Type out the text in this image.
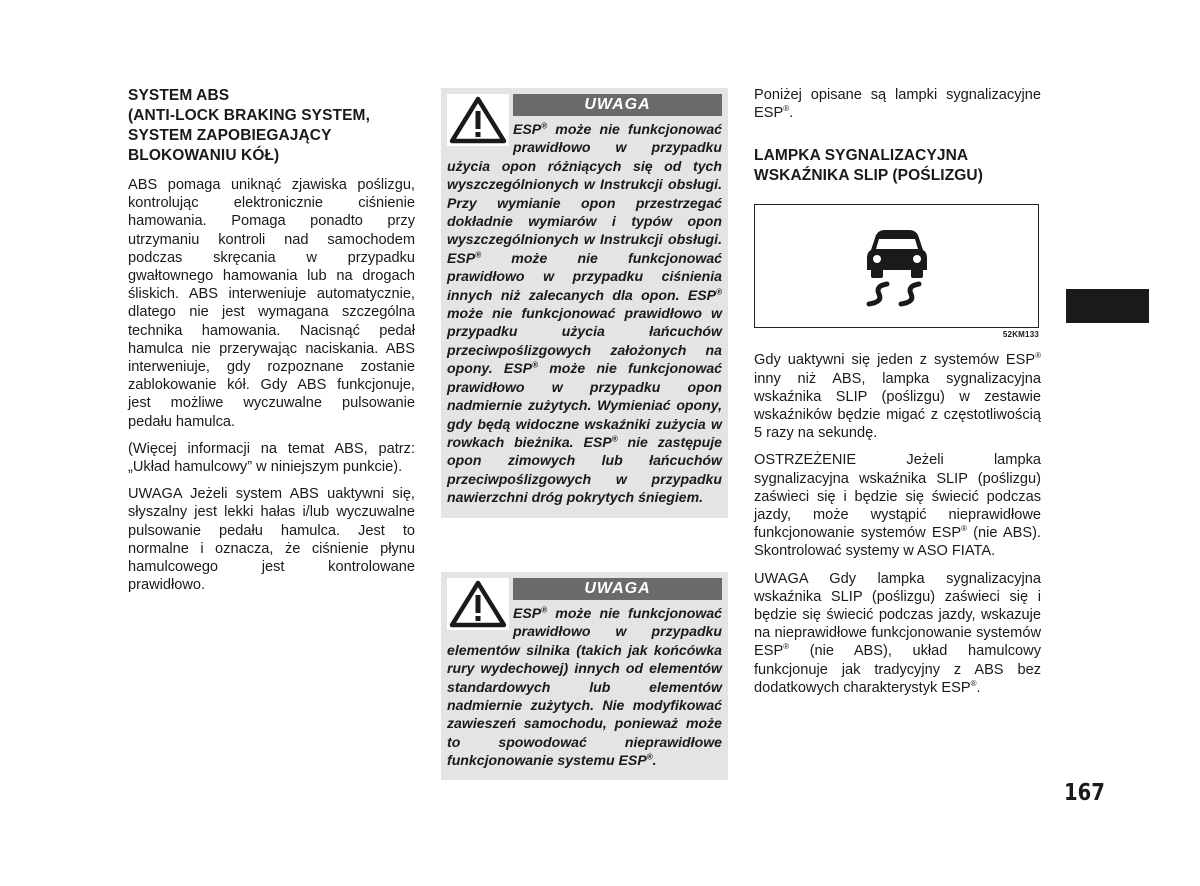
SYSTEM ABS
(ANTI-LOCK BRAKING SYSTEM,
SYSTEM ZAPOBIEGAJĄCY
BLOKOWANIU KÓŁ)

ABS pomaga uniknąć zjawiska poślizgu, kontrolując elektronicznie ciśnienie hamowania. Pomaga ponadto przy utrzymaniu kontroli nad samochodem podczas skręcania w przypadku gwałtownego hamowania lub na drogach śliskich. ABS interweniuje automatycznie, dlatego nie jest wymagana szczególna technika hamowania. Nacisnąć pedał hamulca nie przerywając naciskania. ABS interweniuje, gdy rozpoznane zostanie zablokowanie kół. Gdy ABS funkcjonuje, jest możliwe wyczuwalne pulsowanie pedału hamulca.

(Więcej informacji na temat ABS, patrz: „Układ hamulcowy” w niniejszym punkcie).

UWAGA Jeżeli system ABS uaktywni się, słyszalny jest lekki hałas i/lub wyczuwalne pulsowanie pedału hamulca. Jest to normalne i oznacza, że ciśnienie płynu hamulcowego jest kontrolowane prawidłowo.

UWAGA

ESP® może nie funkcjonować prawidłowo w przypadku użycia opon różniących się od tych wyszczególnionych w Instrukcji obsługi. Przy wymianie opon przestrzegać dokładnie wymiarów i typów opon wyszczególnionych w Instrukcji obsługi. ESP® może nie funkcjonować prawidłowo w przypadku ciśnienia innych niż zalecanych dla opon. ESP® może nie funkcjonować prawidłowo w przypadku użycia łańcuchów przeciwpoślizgowych założonych na opony. ESP® może nie funkcjonować prawidłowo w przypadku opon nadmiernie zużytych. Wymieniać opony, gdy będą widoczne wskaźniki zużycia w rowkach bieżnika. ESP® nie zastępuje opon zimowych lub łańcuchów przeciwpoślizgowych w przypadku nawierzchni dróg pokrytych śniegiem.

UWAGA

ESP® może nie funkcjonować prawidłowo w przypadku elementów silnika (takich jak końcówka rury wydechowej) innych od elementów standardowych lub elementów nadmiernie zużytych. Nie modyfikować zawieszeń samochodu, ponieważ może to spowodować nieprawidłowe funkcjonowanie systemu ESP®.

Poniżej opisane są lampki sygnalizacyjne ESP®.

LAMPKA SYGNALIZACYJNA
WSKAŹNIKA SLIP (POŚLIZGU)
52KM133

Gdy uaktywni się jeden z systemów ESP® inny niż ABS, lampka sygnalizacyjna wskaźnika SLIP (poślizgu) w zestawie wskaźników będzie migać z częstotliwością 5 razy na sekundę.

OSTRZEŻENIE Jeżeli lampka sygnalizacyjna wskaźnika SLIP (poślizgu) zaświeci się i będzie się świecić podczas jazdy, może wystąpić nieprawidłowe funkcjonowanie systemów ESP® (nie ABS). Skontrolować systemy w ASO FIATA.

UWAGA Gdy lampka sygnalizacyjna wskaźnika SLIP (poślizgu) zaświeci się i będzie się świecić podczas jazdy, wskazuje na nieprawidłowe funkcjonowanie systemów ESP® (nie ABS), układ hamulcowy funkcjonuje jak tradycyjny z ABS bez dodatkowych charakterystyk ESP®.

167
